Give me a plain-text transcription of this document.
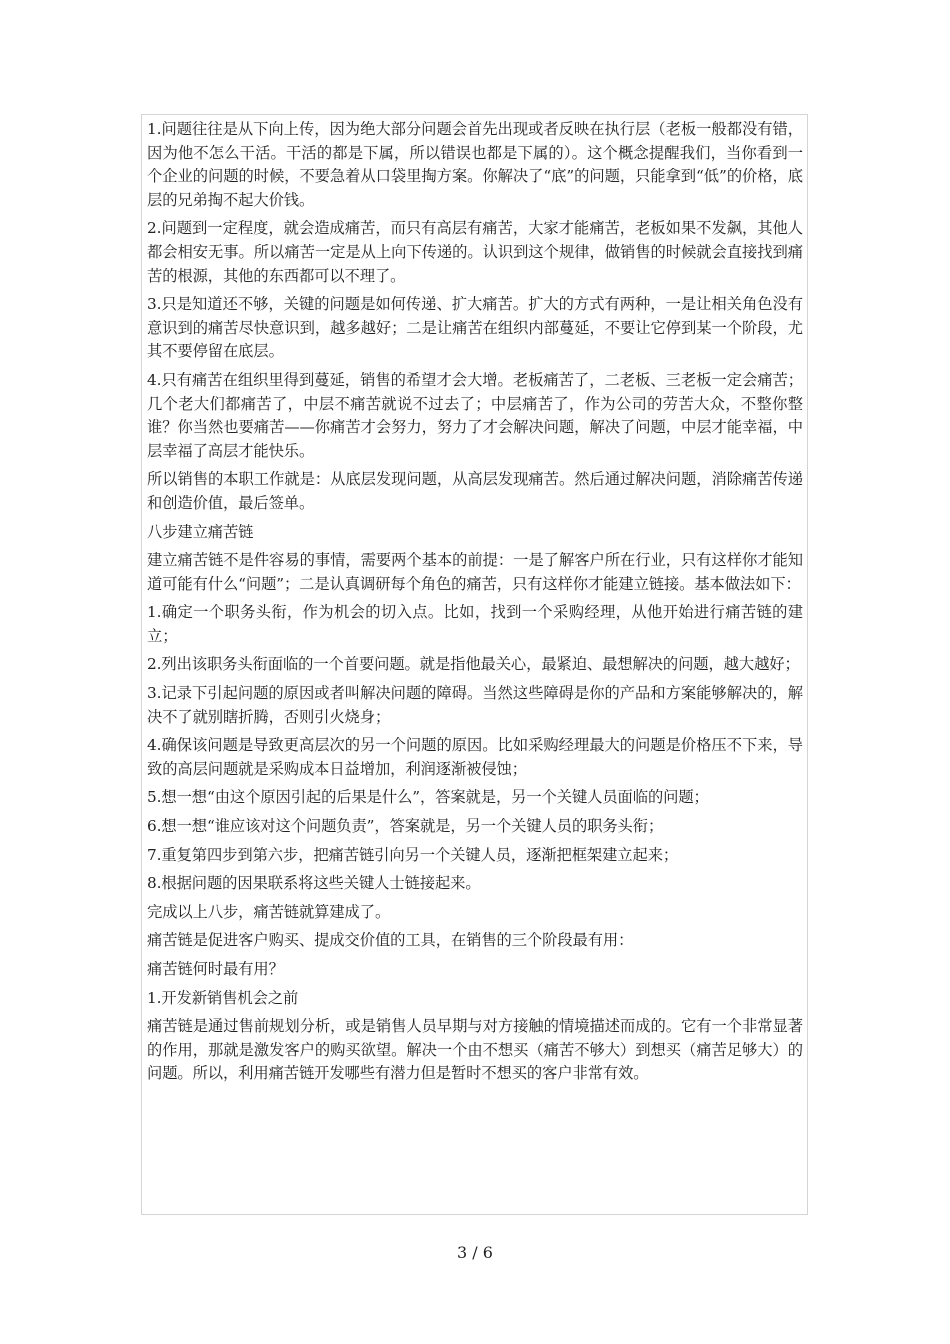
1.问题往往是从下向上传，因为绝大部分问题会首先出现或者反映在执行层（老板一般都没有错，因为他不怎么干活。干活的都是下属，所以错误也都是下属的）。这个概念提醒我们，当你看到一个企业的问题的时候，不要急着从口袋里掏方案。你解决了“底”的问题，只能拿到“低”的价格，底层的兄弟掏不起大价钱。

2.问题到一定程度，就会造成痛苦，而只有高层有痛苦，大家才能痛苦，老板如果不发飙，其他人都会相安无事。所以痛苦一定是从上向下传递的。认识到这个规律，做销售的时候就会直接找到痛苦的根源，其他的东西都可以不理了。

3.只是知道还不够，关键的问题是如何传递、扩大痛苦。扩大的方式有两种，一是让相关角色没有意识到的痛苦尽快意识到，越多越好；二是让痛苦在组织内部蔓延，不要让它停到某一个阶段，尤其不要停留在底层。

4.只有痛苦在组织里得到蔓延，销售的希望才会大增。老板痛苦了，二老板、三老板一定会痛苦；几个老大们都痛苦了，中层不痛苦就说不过去了；中层痛苦了，作为公司的劳苦大众，不整你整谁？你当然也要痛苦——你痛苦才会努力，努力了才会解决问题，解决了问题，中层才能幸福，中层幸福了高层才能快乐。

所以销售的本职工作就是：从底层发现问题，从高层发现痛苦。然后通过解决问题，消除痛苦传递和创造价值，最后签单。

八步建立痛苦链

建立痛苦链不是件容易的事情，需要两个基本的前提：一是了解客户所在行业，只有这样你才能知道可能有什么“问题”；二是认真调研每个角色的痛苦，只有这样你才能建立链接。基本做法如下：

1.确定一个职务头衔，作为机会的切入点。比如，找到一个采购经理，从他开始进行痛苦链的建立；

2.列出该职务头衔面临的一个首要问题。就是指他最关心，最紧迫、最想解决的问题，越大越好；

3.记录下引起问题的原因或者叫解决问题的障碍。当然这些障碍是你的产品和方案能够解决的，解决不了就别瞎折腾，否则引火烧身；

4.确保该问题是导致更高层次的另一个问题的原因。比如采购经理最大的问题是价格压不下来，导致的高层问题就是采购成本日益增加，利润逐渐被侵蚀；

5.想一想“由这个原因引起的后果是什么”，答案就是，另一个关键人员面临的问题；

6.想一想“谁应该对这个问题负责”，答案就是，另一个关键人员的职务头衔；

7.重复第四步到第六步，把痛苦链引向另一个关键人员，逐渐把框架建立起来；

8.根据问题的因果联系将这些关键人士链接起来。

完成以上八步，痛苦链就算建成了。

痛苦链是促进客户购买、提成交价值的工具，在销售的三个阶段最有用：

痛苦链何时最有用？

1.开发新销售机会之前

痛苦链是通过售前规划分析，或是销售人员早期与对方接触的情境描述而成的。它有一个非常显著的作用，那就是激发客户的购买欲望。解决一个由不想买（痛苦不够大）到想买（痛苦足够大）的问题。所以，利用痛苦链开发哪些有潜力但是暂时不想买的客户非常有效。

3 / 6
